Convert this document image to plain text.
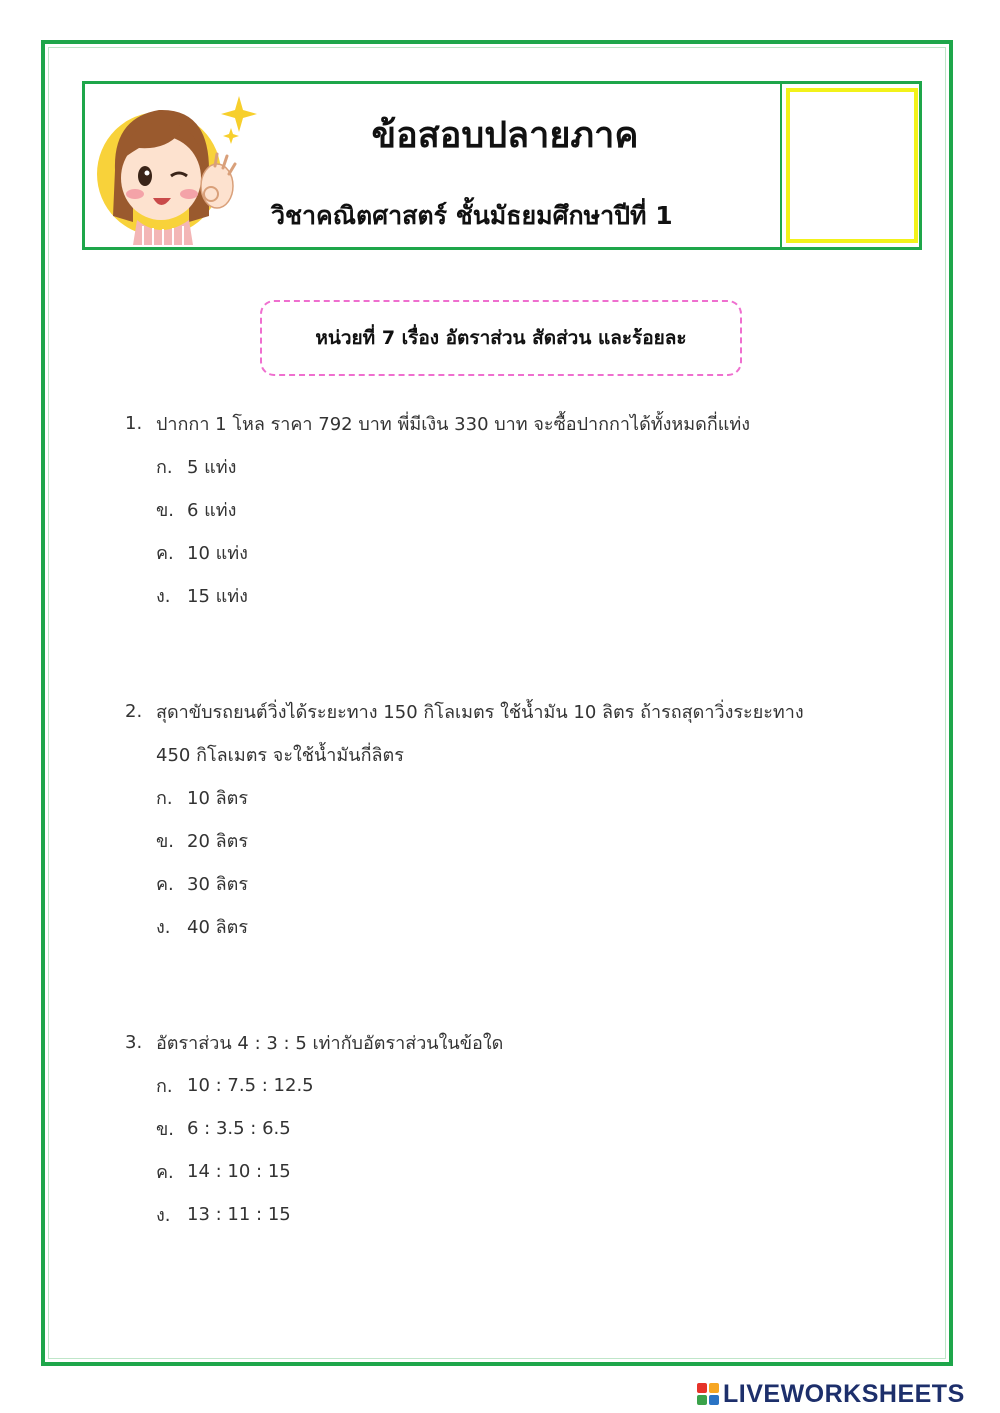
ข้อสอบปลายภาค
วิชาคณิตศาสตร์ ชั้นมัธยมศึกษาปีที่ 1
หน่วยที่ 7 เรื่อง อัตราส่วน สัดส่วน และร้อยละ
1. ปากกา 1 โหล ราคา 792 บาท พี่มีเงิน 330 บาท จะซื้อปากกาได้ทั้งหมดกี่แท่ง
ก. 5 แท่ง
ข. 6 แท่ง
ค. 10 แท่ง
ง. 15 แท่ง
2. สุดาขับรถยนต์วิ่งได้ระยะทาง 150 กิโลเมตร ใช้น้ำมัน 10 ลิตร ถ้ารถสุดาวิ่งระยะทาง
450 กิโลเมตร จะใช้น้ำมันกี่ลิตร
ก. 10 ลิตร
ข. 20 ลิตร
ค. 30 ลิตร
ง. 40 ลิตร
3. อัตราส่วน 4 : 3 : 5 เท่ากับอัตราส่วนในข้อใด
ก. 10 : 7.5 : 12.5
ข. 6 : 3.5 : 6.5
ค. 14 : 10 : 15
ง. 13 : 11 : 15
LIVEWORKSHEETS
